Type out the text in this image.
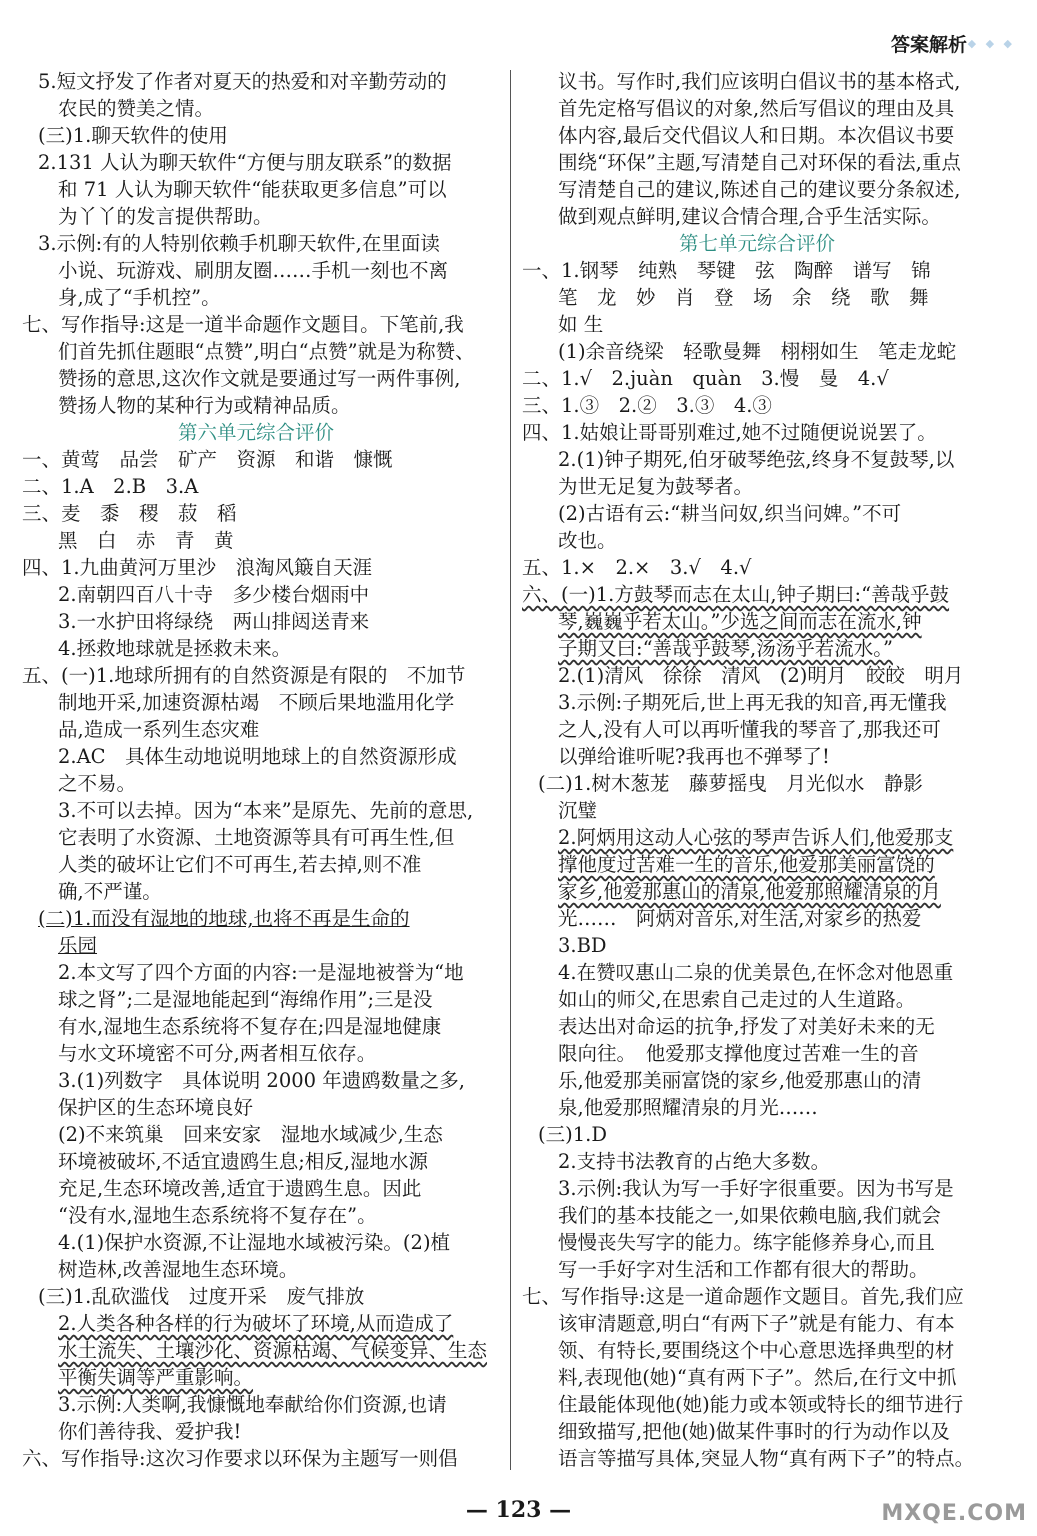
答案解析 ◆ ◆ ◆
5.短文抒发了作者对夏天的热爱和对辛勤劳动的
农民的赞美之情。
(三)1.聊天软件的使用
2.131 人认为聊天软件“方便与朋友联系”的数据
和 71 人认为聊天软件“能获取更多信息”可以
为丫丫的发言提供帮助。
3.示例:有的人特别依赖手机聊天软件,在里面读
小说、玩游戏、刷朋友圈……手机一刻也不离
身,成了“手机控”。
七、写作指导:这是一道半命题作文题目。下笔前,我
们首先抓住题眼“点赞”,明白“点赞”就是为称赞、
赞扬的意思,这次作文就是要通过写一两件事例,
赞扬人物的某种行为或精神品质。
第六单元综合评价
一、黄莺　品尝　矿产　资源　和谐　慷慨
二、1.A　2.B　3.A
三、麦　黍　稷　菽　稻
黑　白　赤　青　黄
四、1.九曲黄河万里沙　浪淘风簸自天涯
2.南朝四百八十寺　多少楼台烟雨中
3.一水护田将绿绕　两山排闼送青来
4.拯救地球就是拯救未来。
五、(一)1.地球所拥有的自然资源是有限的　不加节
制地开采,加速资源枯竭　不顾后果地滥用化学
品,造成一系列生态灾难
2.AC　具体生动地说明地球上的自然资源形成
之不易。
3.不可以去掉。因为“本来”是原先、先前的意思,
它表明了水资源、土地资源等具有可再生性,但
人类的破坏让它们不可再生,若去掉,则不准
确,不严谨。
(二)1.而没有湿地的地球,也将不再是生命的
乐园
2.本文写了四个方面的内容:一是湿地被誉为“地
球之肾”;二是湿地能起到“海绵作用”;三是没
有水,湿地生态系统将不复存在;四是湿地健康
与水文环境密不可分,两者相互依存。
3.(1)列数字　具体说明 2000 年遗鸥数量之多,
保护区的生态环境良好
(2)不来筑巢　回来安家　湿地水域减少,生态
环境被破坏,不适宜遗鸥生息;相反,湿地水源
充足,生态环境改善,适宜于遗鸥生息。因此
“没有水,湿地生态系统将不复存在”。
4.(1)保护水资源,不让湿地水域被污染。(2)植
树造林,改善湿地生态环境。
(三)1.乱砍滥伐　过度开采　废气排放
2.人类各种各样的行为破坏了环境,从而造成了
水土流失、土壤沙化、资源枯竭、气候变异、生态
平衡失调等严重影响。
3.示例:人类啊,我慷慨地奉献给你们资源,也请
你们善待我、爱护我!
六、写作指导:这次习作要求以环保为主题写一则倡
议书。写作时,我们应该明白倡议书的基本格式,
首先定格写倡议的对象,然后写倡议的理由及具
体内容,最后交代倡议人和日期。本次倡议书要
围绕“环保”主题,写清楚自己对环保的看法,重点
写清楚自己的建议,陈述自己的建议要分条叙述,
做到观点鲜明,建议合情合理,合乎生活实际。
第七单元综合评价
一、1.钢琴　纯熟　琴键　弦　陶醉　谱写　锦
笔　龙　妙　肖　登　场　余　绕　歌　舞
如 生
(1)余音绕梁　轻歌曼舞　栩栩如生　笔走龙蛇
二、1.√　2.juàn　quàn　3.慢　曼　4.√
三、1.③　2.②　3.③　4.③
四、1.姑娘让哥哥别难过,她不过随便说说罢了。
2.(1)钟子期死,伯牙破琴绝弦,终身不复鼓琴,以
为世无足复为鼓琴者。
(2)古语有云:“耕当问奴,织当问婢。”不可
改也。
五、1.×　2.×　3.√　4.√
六、(一)1.方鼓琴而志在太山,钟子期曰:“善哉乎鼓
琴,巍巍乎若太山。”少选之间而志在流水,钟
子期又曰:“善哉乎鼓琴,汤汤乎若流水。”
2.(1)清风　徐徐　清风　(2)明月　皎皎　明月
3.示例:子期死后,世上再无我的知音,再无懂我
之人,没有人可以再听懂我的琴音了,那我还可
以弹给谁听呢?我再也不弹琴了!
(二)1.树木葱茏　藤萝摇曳　月光似水　静影
沉璧
2.阿炳用这动人心弦的琴声告诉人们,他爱那支
撑他度过苦难一生的音乐,他爱那美丽富饶的
家乡,他爱那惠山的清泉,他爱那照耀清泉的月
光……　阿炳对音乐,对生活,对家乡的热爱
3.BD
4.在赞叹惠山二泉的优美景色,在怀念对他恩重
如山的师父,在思索自己走过的人生道路。
表达出对命运的抗争,抒发了对美好未来的无
限向往。　他爱那支撑他度过苦难一生的音
乐,他爱那美丽富饶的家乡,他爱那惠山的清
泉,他爱那照耀清泉的月光……
(三)1.D
2.支持书法教育的占绝大多数。
3.示例:我认为写一手好字很重要。因为书写是
我们的基本技能之一,如果依赖电脑,我们就会
慢慢丧失写字的能力。练字能修养身心,而且
写一手好字对生活和工作都有很大的帮助。
七、写作指导:这是一道命题作文题目。首先,我们应
该审清题意,明白“有两下子”就是有能力、有本
领、有特长,要围绕这个中心意思选择典型的材
料,表现他(她)“真有两下子”。然后,在行文中抓
住最能体现他(她)能力或本领或特长的细节进行
细致描写,把他(她)做某件事时的行为动作以及
语言等描写具体,突显人物“真有两下子”的特点。
— 123 —	MXQE.COM
